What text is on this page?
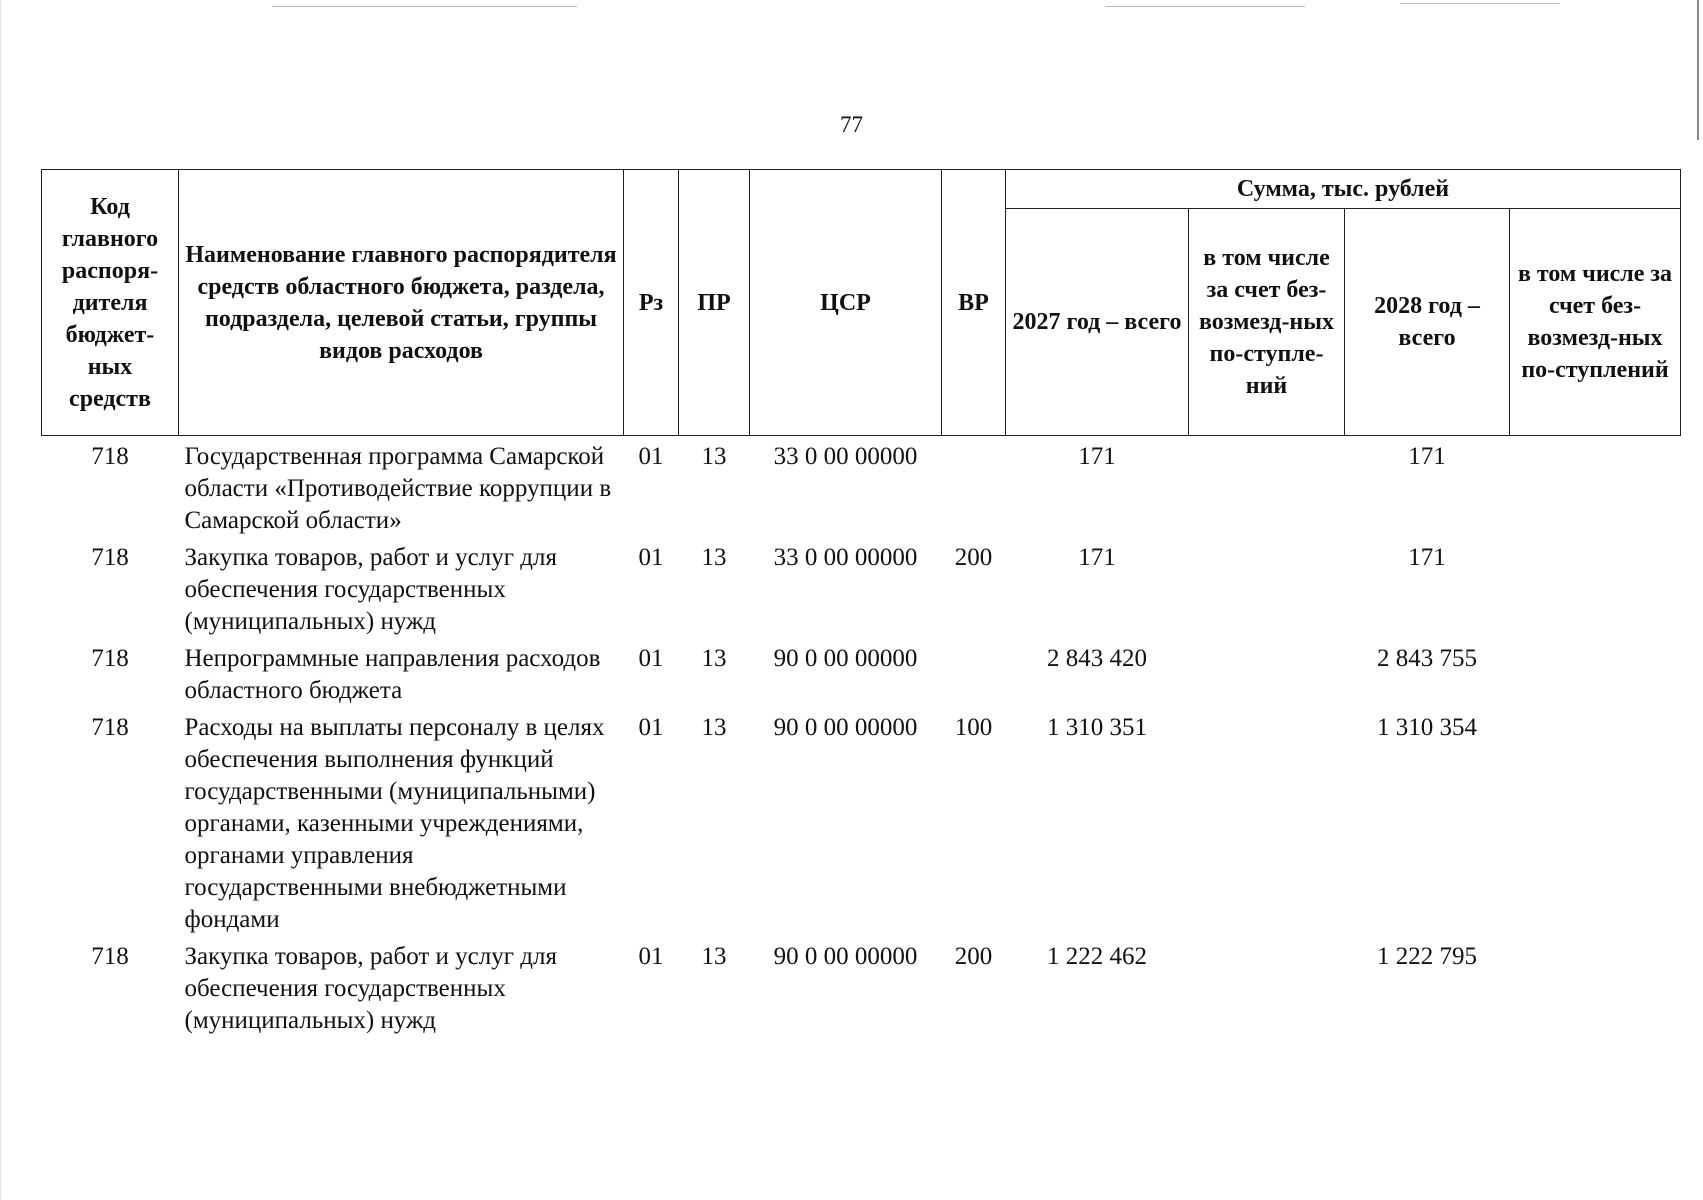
77
Код главного распоря-дителя бюджет-ных средств	Наименование главного распорядителя средств областного бюджета, раздела, подраздела, целевой статьи, группы видов расходов	Рз	ПР	ЦСР	ВР	Сумма, тыс. рублей			
						2027 год – всего	в том числе за счет без-возмезд-ных по-ступле-ний	2028 год – всего	в том числе за счет без-возмезд-ных по-ступлений
718	Государственная программа Самарской области «Противодействие коррупции в Самарской области»	01	13	33 0 00 00000		171		171	
718	Закупка товаров, работ и услуг для обеспечения государственных (муниципальных) нужд	01	13	33 0 00 00000	200	171		171	
718	Непрограммные направления расходов областного бюджета	01	13	90 0 00 00000		2 843 420		2 843 755	
718	Расходы на выплаты персоналу в целях обеспечения выполнения функций государственными (муниципальными) органами, казенными учреждениями, органами управления государственными внебюджетными фондами	01	13	90 0 00 00000	100	1 310 351		1 310 354	
718	Закупка товаров, работ и услуг для обеспечения государственных (муниципальных) нужд	01	13	90 0 00 00000	200	1 222 462		1 222 795	
